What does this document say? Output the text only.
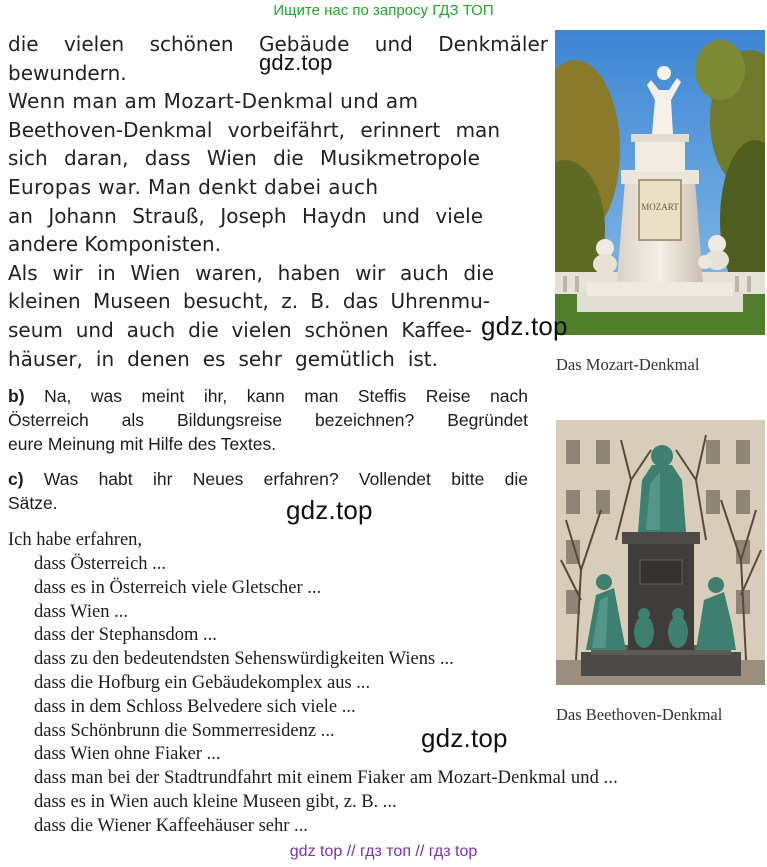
Ищите нас по запросу ГДЗ ТОП
die vielen schönen Gebäude und Denkmäler
bewundern.
Wenn man am Mozart-Denkmal und am
Beethoven-Denkmal vorbeifährt, erinnert man
sich daran, dass Wien die Musikmetropole
Europas war. Man denkt dabei auch
an Johann Strauß, Joseph Haydn und viele
andere Komponisten.
Als wir in Wien waren, haben wir auch die
kleinen Museen besucht, z. B. das Uhrenmu-
seum und auch die vielen schönen Kaffee-
häuser, in denen es sehr gemütlich ist.
b) Na, was meint ihr, kann man Steffis Reise nach
Österreich als Bildungsreise bezeichnen? Begründet
eure Meinung mit Hilfe des Textes.
c) Was habt ihr Neues erfahren? Vollendet bitte die
Sätze.
Ich habe erfahren,
dass Österreich ...
dass es in Österreich viele Gletscher ...
dass Wien ...
dass der Stephansdom ...
dass zu den bedeutendsten Sehenswürdigkeiten Wiens ...
dass die Hofburg ein Gebäudekomplex aus ...
dass in dem Schloss Belvedere sich viele ...
dass Schönbrunn die Sommerresidenz ...
dass Wien ohne Fiaker ...
dass man bei der Stadtrundfahrt mit einem Fiaker am Mozart-Denkmal und ...
dass es in Wien auch kleine Museen gibt, z. B. ...
dass die Wiener Kaffeehäuser sehr ...
MOZART
Das Mozart-Denkmal
Das Beethoven-Denkmal
gdz.top
gdz.top
gdz.top
gdz.top
gdz top // гдз топ // гдз top
